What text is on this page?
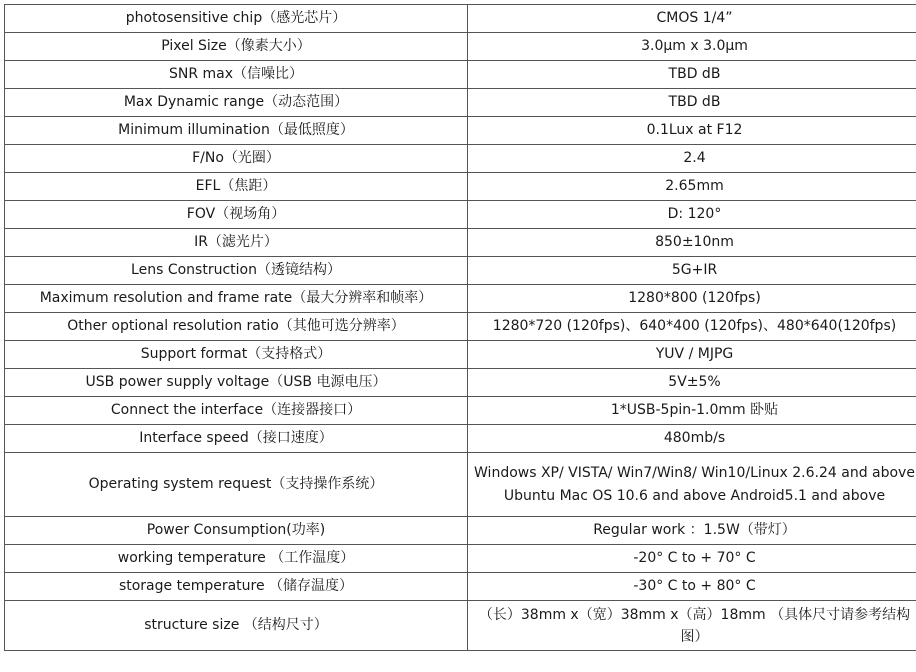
photosensitive chip（感光芯片）	CMOS 1/4”
Pixel Size（像素大小）	3.0μm x 3.0μm
SNR max（信噪比）	TBD dB
Max Dynamic range（动态范围）	TBD dB
Minimum illumination（最低照度）	0.1Lux at F12
F/No（光圈）	2.4
EFL（焦距）	2.65mm
FOV（视场角）	D: 120°
IR（滤光片）	850±10nm
Lens Construction（透镜结构）	5G+IR
Maximum resolution and frame rate（最大分辨率和帧率）	1280*800 (120fps)
Other optional resolution ratio（其他可选分辨率）	1280*720 (120fps)、640*400 (120fps)、480*640(120fps)
Support format（支持格式）	YUV / MJPG
USB power supply voltage（USB 电源电压）	5V±5%
Connect the interface（连接器接口）	1*USB-5pin-1.0mm 卧贴
Interface speed（接口速度）	480mb/s
Operating system request（支持操作系统）	Windows XP/ VISTA/ Win7/Win8/ Win10/Linux 2.6.24 and above Ubuntu Mac OS 10.6 and above Android5.1 and above
Power Consumption(功率)	Regular work ：1.5W（带灯）
working temperature （工作温度）	-20° C to + 70° C
storage temperature （储存温度）	-30° C to + 80° C
structure size （结构尺寸）	（长）38mm x（宽）38mm x（高）18mm （具体尺寸请参考结构图）
